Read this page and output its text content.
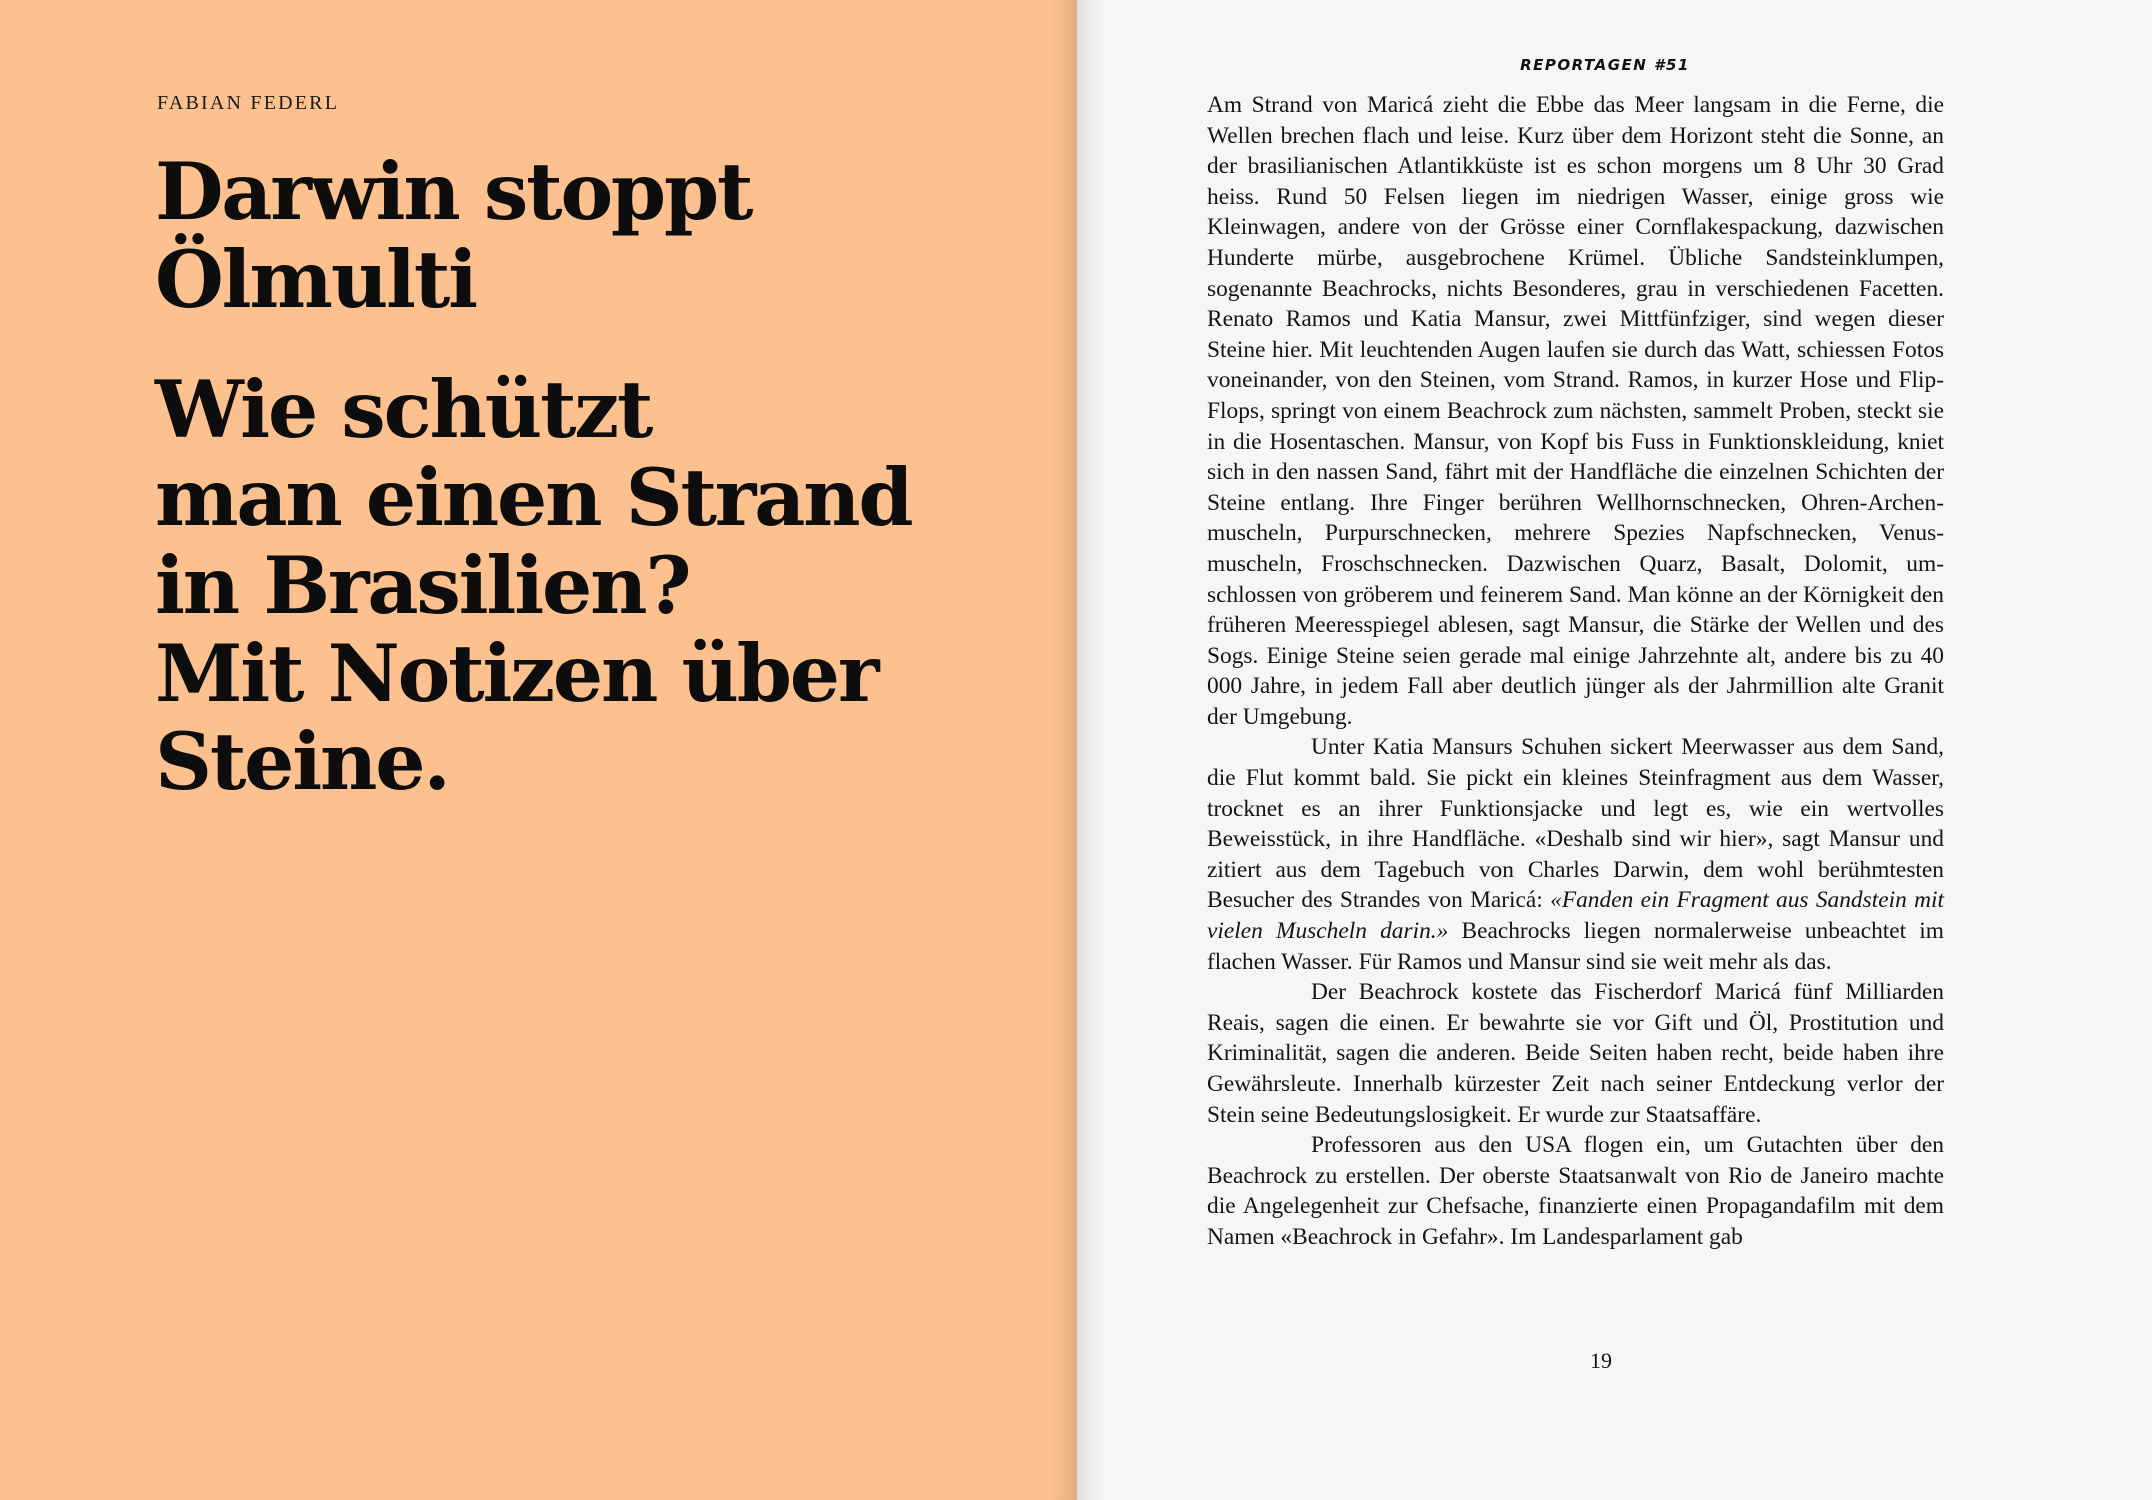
FABIAN FEDERL

Darwin stoppt
Ölmulti
Wie schützt
man einen Strand
in Brasilien?
Mit Notizen über
Steine.

REPORTAGEN #51

Am Strand von Maricá zieht die Ebbe das Meer langsam in die Ferne, die Wellen brechen flach und leise. Kurz über dem Horizont steht die Sonne, an der brasilianischen Atlantikküste ist es schon morgens um 8 Uhr 30 Grad heiss. Rund 50 Felsen liegen im niedrigen Wasser, einige gross wie Kleinwagen, andere von der Grösse einer Cornflakespackung, dazwischen Hunderte mürbe, ausgebrochene Krümel. Übliche Sandsteinklumpen, sogenannte Beachrocks, nichts Besonderes, grau in verschiedenen Facetten. Renato Ramos und Katia Mansur, zwei Mittfünfziger, sind wegen dieser Steine hier. Mit leuchtenden Augen laufen sie durch das Watt, schiessen Fotos voneinander, von den Steinen, vom Strand. Ramos, in kurzer Hose und Flip-Flops, springt von einem Beachrock zum nächsten, sammelt Proben, steckt sie in die Hosentaschen. Mansur, von Kopf bis Fuss in Funktionskleidung, kniet sich in den nassen Sand, fährt mit der Handfläche die einzelnen Schichten der Steine entlang. Ihre Finger berühren Wellhornschnecken, Ohren-Archenmuscheln, Purpurschnecken, mehrere Spezies Napfschnecken, Venusmuscheln, Froschschnecken. Dazwischen Quarz, Basalt, Dolomit, umschlossen von gröberem und feinerem Sand. Man könne an der Körnigkeit den früheren Meeresspiegel ablesen, sagt Mansur, die Stärke der Wellen und des Sogs. Einige Steine seien gerade mal einige Jahrzehnte alt, andere bis zu 40 000 Jahre, in jedem Fall aber deutlich jünger als der Jahrmillion alte Granit der Umgebung.

Unter Katia Mansurs Schuhen sickert Meerwasser aus dem Sand, die Flut kommt bald. Sie pickt ein kleines Steinfragment aus dem Wasser, trocknet es an ihrer Funktionsjacke und legt es, wie ein wertvolles Beweisstück, in ihre Handfläche. «Deshalb sind wir hier», sagt Mansur und zitiert aus dem Tagebuch von Charles Darwin, dem wohl berühmtesten Besucher des Strandes von Maricá: «Fanden ein Fragment aus Sandstein mit vielen Muscheln darin.» Beachrocks liegen normalerweise unbeachtet im flachen Wasser. Für Ramos und Mansur sind sie weit mehr als das.

Der Beachrock kostete das Fischerdorf Maricá fünf Milliarden Reais, sagen die einen. Er bewahrte sie vor Gift und Öl, Prostitution und Kriminalität, sagen die anderen. Beide Seiten haben recht, beide haben ihre Gewährsleute. Innerhalb kürzester Zeit nach seiner Entdeckung verlor der Stein seine Bedeutungslosigkeit. Er wurde zur Staatsaffäre.

Professoren aus den USA flogen ein, um Gutachten über den Beachrock zu erstellen. Der oberste Staatsanwalt von Rio de Janeiro machte die Angelegenheit zur Chefsache, finanzierte einen Propagandafilm mit dem Namen «Beachrock in Gefahr». Im Landesparlament gab

19
